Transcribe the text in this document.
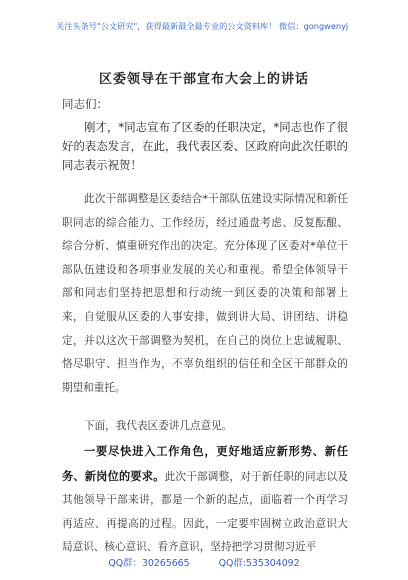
关注头条号"公文研究"，获得最新最全最专业的公文资料库！ 微信：gongwenyj
区委领导在干部宣布大会上的讲话
同志们：

刚才，*同志宣布了区委的任职决定，*同志也作了很好的表态发言，在此，我代表区委、区政府向此次任职的同志表示祝贺！

此次干部调整是区委结合*干部队伍建设实际情况和新任职同志的综合能力、工作经历，经过通盘考虑、反复酝酿、综合分析、慎重研究作出的决定。充分体现了区委对*单位干部队伍建设和各项事业发展的关心和重视。希望全体领导干部和同志们坚持把思想和行动统一到区委的决策和部署上来，自觉服从区委的人事安排，做到讲大局、讲团结、讲稳定，并以这次干部调整为契机，在自己的岗位上忠诚履职、恪尽职守、担当作为，不辜负组织的信任和全区干部群众的期望和重托。

下面，我代表区委讲几点意见。

一要尽快进入工作角色，更好地适应新形势、新任务、新岗位的要求。此次干部调整，对于新任职的同志以及其他领导干部来讲，都是一个新的起点，面临着一个再学习再适应、再提高的过程。因此，一定要牢固树立政治意识大局意识、核心意识、看齐意识，坚持把学习贯彻习近平

QQ群：30265665	QQ群:535304092
